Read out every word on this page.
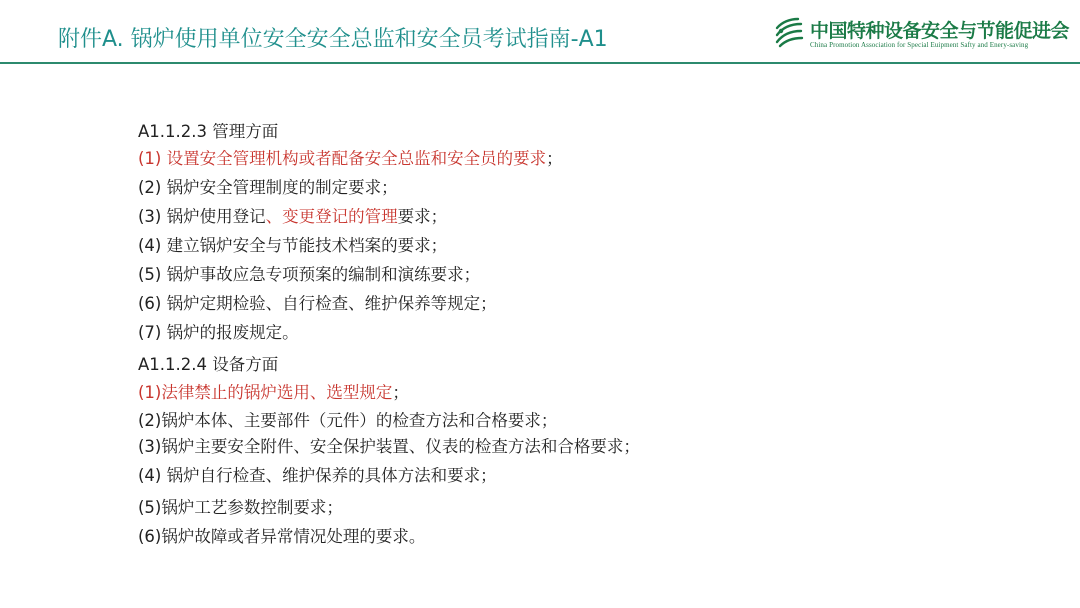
附件A. 锅炉使用单位安全安全总监和安全员考试指南-A1	中国特种设备安全与节能促进会
China Promotion Association for Special Euipment Safty and Enery-saving
A1.1.2.3 管理方面
(1) 设置安全管理机构或者配备安全总监和安全员的要求；
(2) 锅炉安全管理制度的制定要求；
(3) 锅炉使用登记、变更登记的管理要求；
(4) 建立锅炉安全与节能技术档案的要求；
(5) 锅炉事故应急专项预案的编制和演练要求；
(6) 锅炉定期检验、自行检查、维护保养等规定；
(7) 锅炉的报废规定。
A1.1.2.4 设备方面
(1)法律禁止的锅炉选用、选型规定；
(2)锅炉本体、主要部件（元件）的检查方法和合格要求；
(3)锅炉主要安全附件、安全保护装置、仪表的检查方法和合格要求；
(4) 锅炉自行检查、维护保养的具体方法和要求；
(5)锅炉工艺参数控制要求；
(6)锅炉故障或者异常情况处理的要求。
